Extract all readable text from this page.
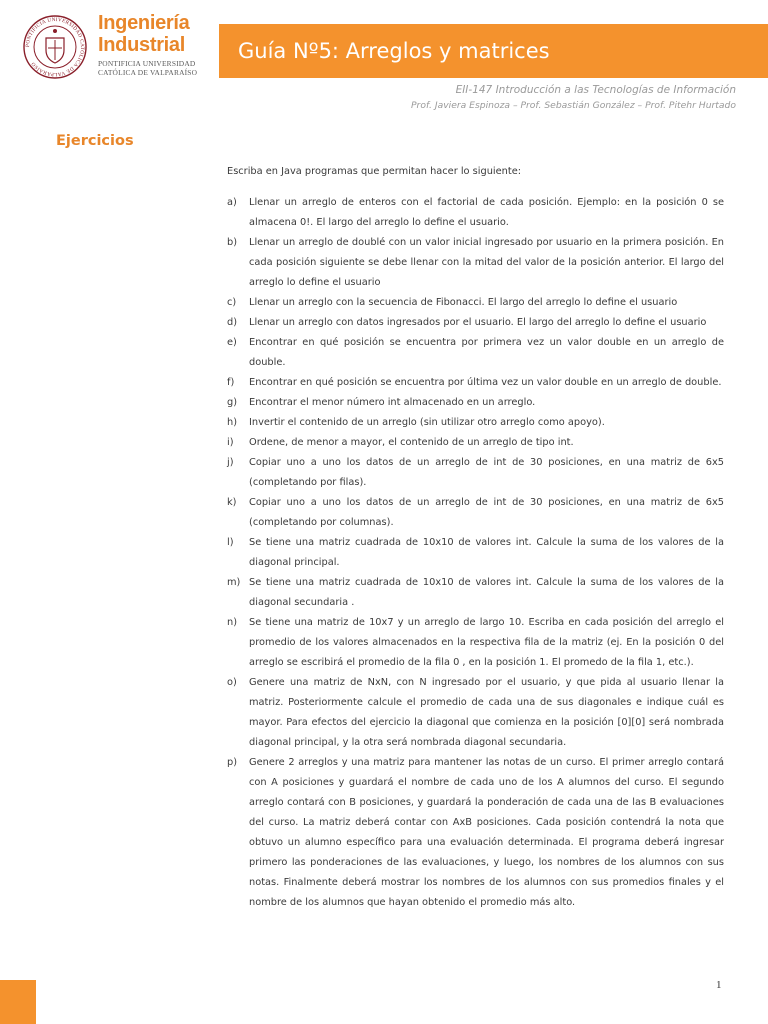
PONTIFICIA UNIVERSIDAD CATÓLICA DE VALPARAÍSO
Ingeniería
Industrial
PONTIFICIA UNIVERSIDAD
CATÓLICA DE VALPARAÍSO
Guía Nº5: Arreglos y matrices
EII-147 Introducción a las Tecnologías de Información
Prof. Javiera Espinoza – Prof. Sebastián González – Prof. Pitehr Hurtado
Ejercicios
Escriba en Java programas que permitan hacer lo siguiente:
a)	Llenar un arreglo de enteros con el factorial de cada posición. Ejemplo: en la posición 0 se almacena 0!. El largo del arreglo lo define el usuario.
b)	Llenar un arreglo de doublé con un valor inicial ingresado por usuario en la primera posición. En cada posición siguiente se debe llenar con la mitad del valor de la posición anterior. El largo del arreglo lo define el usuario
c)	Llenar un arreglo con la secuencia de Fibonacci. El largo del arreglo lo define el usuario
d)	Llenar un arreglo con datos ingresados por el usuario. El largo del arreglo lo define el usuario
e)	Encontrar en qué posición se encuentra por primera vez un valor double en un arreglo de double.
f)	Encontrar en qué posición se encuentra por última vez un valor double en un arreglo de double.
g)	Encontrar el menor número int almacenado en un arreglo.
h)	Invertir el contenido de un arreglo (sin utilizar otro arreglo como apoyo).
i)	Ordene, de menor a mayor, el contenido de un arreglo de tipo int.
j)	Copiar uno a uno los datos de un arreglo de int de 30 posiciones, en una matriz de 6x5 (completando por filas).
k)	Copiar uno a uno los datos de un arreglo de int de 30 posiciones, en una matriz de 6x5 (completando por columnas).
l)	Se tiene una matriz cuadrada de 10x10 de valores int. Calcule la suma de los valores de la diagonal principal.
m) Se tiene una matriz cuadrada de 10x10 de valores int. Calcule la suma de los valores de la diagonal secundaria .
n)	Se tiene una matriz de 10x7 y un arreglo de largo 10. Escriba en cada posición del arreglo el promedio de los valores almacenados en la respectiva fila de la matriz (ej. En la posición 0 del arreglo se escribirá el promedio de la fila 0 , en la posición 1. El promedo de la fila 1, etc.).
o)	Genere una matriz de NxN, con N ingresado por el usuario, y que pida al usuario llenar la matriz. Posteriormente calcule el promedio de cada una de sus diagonales e indique cuál es mayor. Para efectos del ejercicio la diagonal que comienza en la posición [0][0] será nombrada diagonal principal, y la otra será nombrada diagonal secundaria.
p)	Genere 2 arreglos y una matriz para mantener las notas de un curso. El primer arreglo contará con A posiciones y guardará el nombre de cada uno de los A alumnos del curso. El segundo arreglo contará con B posiciones, y guardará la ponderación de cada una de las B evaluaciones del curso. La matriz deberá contar con AxB posiciones. Cada posición contendrá la nota que obtuvo un alumno específico para una evaluación determinada. El programa deberá ingresar primero las ponderaciones de las evaluaciones, y luego, los nombres de los alumnos con sus notas. Finalmente deberá mostrar los nombres de los alumnos con sus promedios finales y el nombre de los alumnos que hayan obtenido el promedio más alto.
1
